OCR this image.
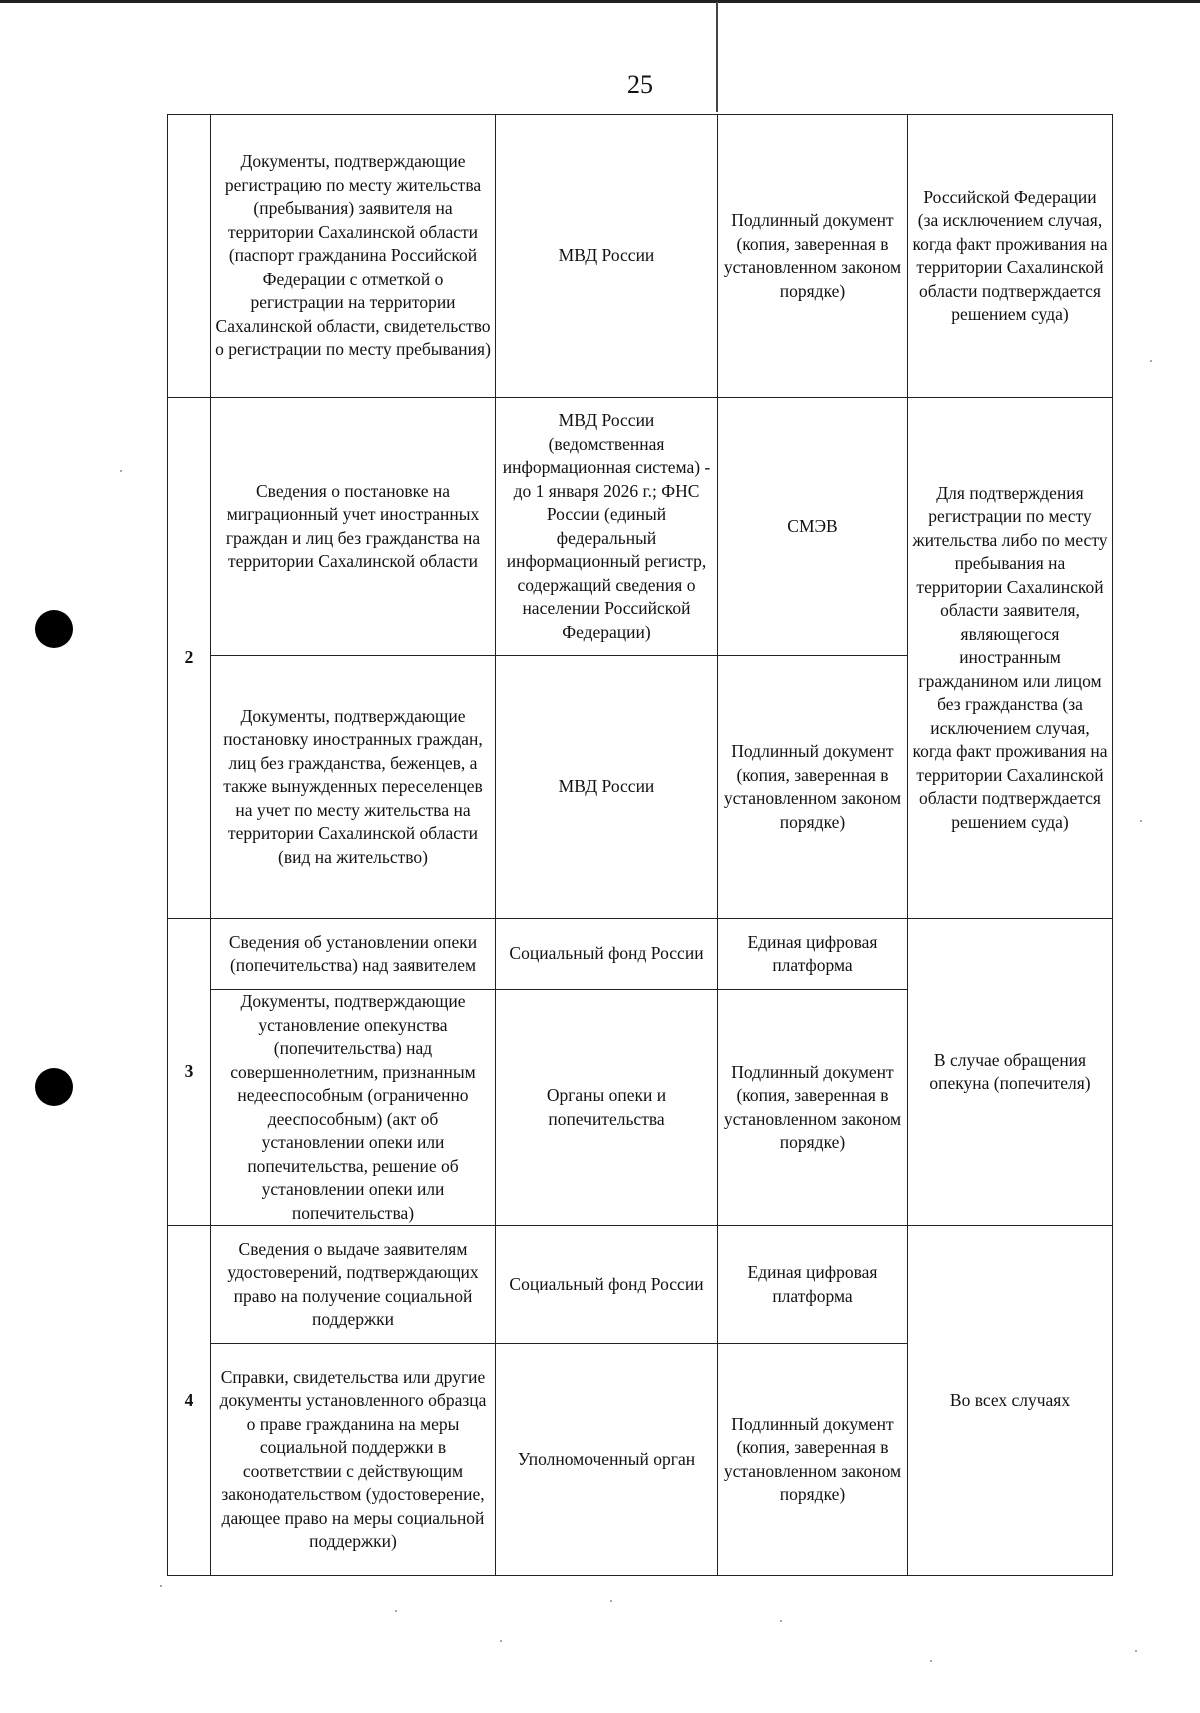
25
	Документы, подтверждающие регистрацию по месту жительства (пребывания) заявителя на территории Сахалинской области (паспорт гражданина Российской Федерации с отметкой о регистрации на территории Сахалинской области, свидетельство о регистрации по месту пребывания)	МВД России	Подлинный документ (копия, заверенная в установленном законом порядке)	Российской Федерации (за исключением случая, когда факт проживания на территории Сахалинской области подтверждается решением суда)
2	Сведения о постановке на миграционный учет иностранных граждан и лиц без гражданства на территории Сахалинской области	МВД России (ведомственная информационная система) - до 1 января 2026 г.; ФНС России (единый федеральный информационный регистр, содержащий сведения о населении Российской Федерации)	СМЭВ	Для подтверждения регистрации по месту жительства либо по месту пребывания на территории Сахалинской области заявителя, являющегося иностранным гражданином или лицом без гражданства (за исключением случая, когда факт проживания на территории Сахалинской области подтверждается решением суда)
	Документы, подтверждающие постановку иностранных граждан, лиц без гражданства, беженцев, а также вынужденных переселенцев на учет по месту жительства на территории Сахалинской области (вид на жительство)	МВД России	Подлинный документ (копия, заверенная в установленном законом порядке)	
3	Сведения об установлении опеки (попечительства) над заявителем	Социальный фонд России	Единая цифровая платформа	В случае обращения опекуна (попечителя)
	Документы, подтверждающие установление опекунства (попечительства) над совершеннолетним, признанным недееспособным (ограниченно дееспособным) (акт об установлении опеки или попечительства, решение об установлении опеки или попечительства)	Органы опеки и попечительства	Подлинный документ (копия, заверенная в установленном законом порядке)	
4	Сведения о выдаче заявителям удостоверений, подтверждающих право на получение социальной поддержки	Социальный фонд России	Единая цифровая платформа	Во всех случаях
	Справки, свидетельства или другие документы установленного образца о праве гражданина на меры социальной поддержки в соответствии с действующим законодательством (удостоверение, дающее право на меры социальной поддержки)	Уполномоченный орган	Подлинный документ (копия, заверенная в установленном законом порядке)	
